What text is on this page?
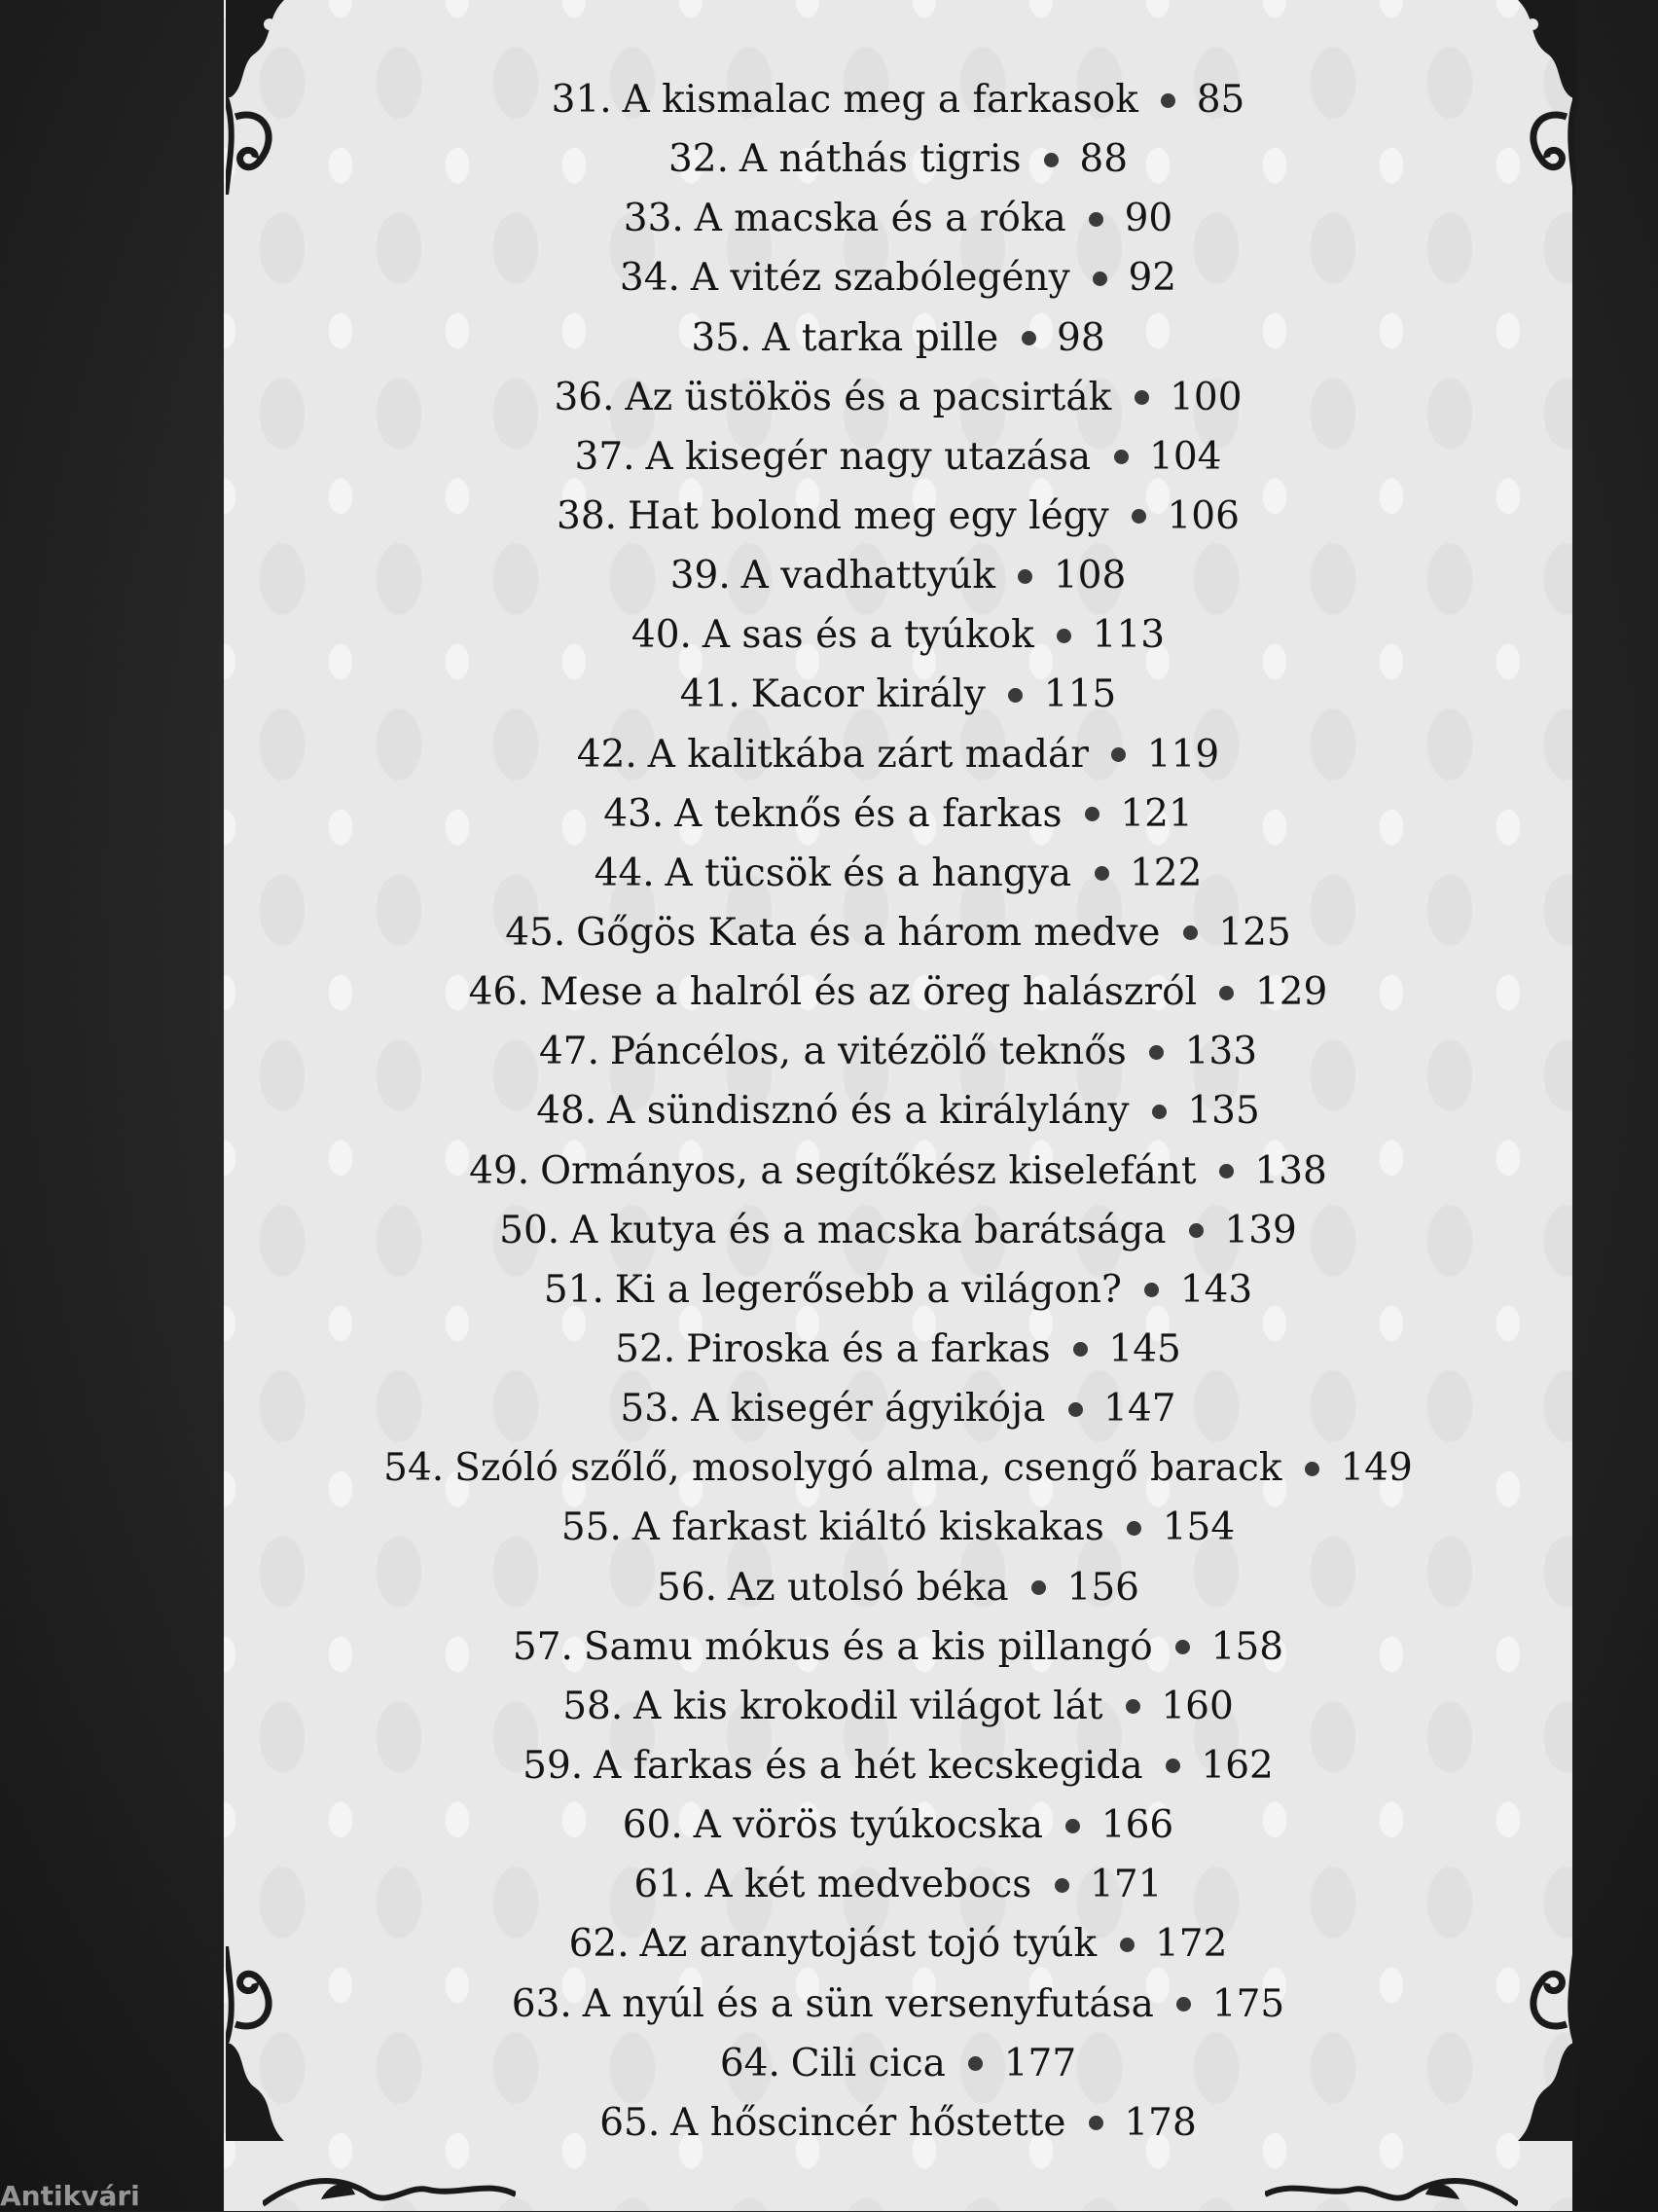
31. A kismalac meg a farkasok 85
32. A náthás tigris 88
33. A macska és a róka 90
34. A vitéz szabólegény 92
35. A tarka pille 98
36. Az üstökös és a pacsirták 100
37. A kisegér nagy utazása 104
38. Hat bolond meg egy légy 106
39. A vadhattyúk 108
40. A sas és a tyúkok 113
41. Kacor király 115
42. A kalitkába zárt madár 119
43. A teknős és a farkas 121
44. A tücsök és a hangya 122
45. Gőgös Kata és a három medve 125
46. Mese a halról és az öreg halászról 129
47. Páncélos, a vitézölő teknős 133
48. A sündisznó és a királylány 135
49. Ormányos, a segítőkész kiselefánt 138
50. A kutya és a macska barátsága 139
51. Ki a legerősebb a világon? 143
52. Piroska és a farkas 145
53. A kisegér ágyikója 147
54. Szóló szőlő, mosolygó alma, csengő barack 149
55. A farkast kiáltó kiskakas 154
56. Az utolsó béka 156
57. Samu mókus és a kis pillangó 158
58. A kis krokodil világot lát 160
59. A farkas és a hét kecskegida 162
60. A vörös tyúkocska 166
61. A két medvebocs 171
62. Az aranytojást tojó tyúk 172
63. A nyúl és a sün versenyfutása 175
64. Cili cica 177
65. A hőscincér hőstette 178
Antikvári
